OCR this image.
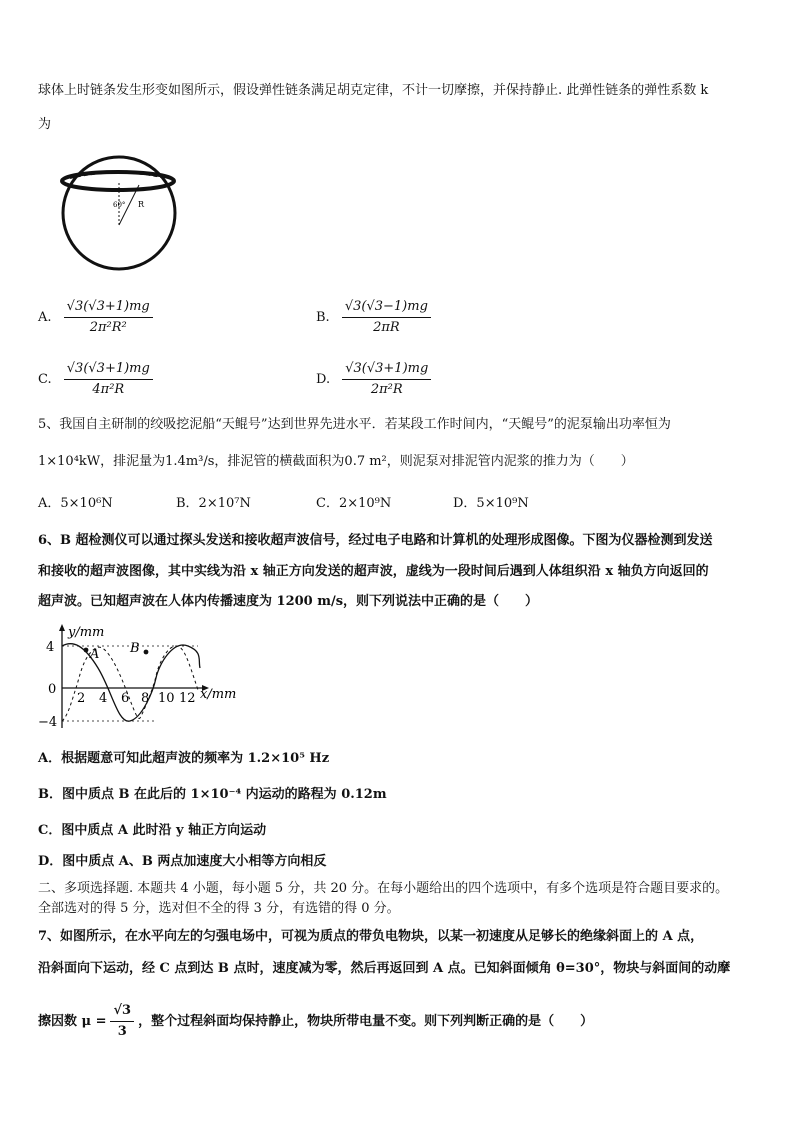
球体上时链条发生形变如图所示，假设弹性链条满足胡克定律，不计一切摩擦，并保持静止. 此弹性链条的弹性系数 k
为
60° R
A. $\frac{√3(√3+1)mg}{\text{2π²R²}}$	B. $\frac{√3(√3-1)mg}{2\pi R}$
C. $\frac{√3(√3+1)mg}{\text{4π²R}}$	D. $\frac{√3(√3+1)mg}{\text{2π²R}}$
5、我国自主研制的绞吸挖泥船“天鲲号”达到世界先进水平．若某段工作时间内，“天鲲号”的泥泵输出功率恒为
1×10⁴kW，排泥量为1.4m³/s，排泥管的横截面积为0.7 m²，则泥泵对排泥管内泥浆的推力为（　　）
A．5×10⁶N	B．2×10⁷N	C．2×10⁹N	D．5×10⁹N
6、B 超检测仪可以通过探头发送和接收超声波信号，经过电子电路和计算机的处理形成图像。下图为仪器检测到发送
和接收的超声波图像，其中实线为沿 x 轴正方向发送的超声波，虚线为一段时间后遇到人体组织沿 x 轴负方向返回的
超声波。已知超声波在人体内传播速度为 1200 m/s，则下列说法中正确的是（　　）
y/mm
x/mm
4
0
−4
2 4 6 8 10 12
A B
A．根据题意可知此超声波的频率为 1.2×10⁵ Hz
B．图中质点 B 在此后的 1×10⁻⁴ 内运动的路程为 0.12m
C．图中质点 A 此时沿 y 轴正方向运动
D．图中质点 A、B 两点加速度大小相等方向相反
二、多项选择题. 本题共 4 小题，每小题 5 分，共 20 分。在每小题给出的四个选项中，有多个选项是符合题目要求的。
全部选对的得 5 分，选对但不全的得 3 分，有选错的得 0 分。
7、如图所示，在水平向左的匀强电场中，可视为质点的带负电物块，以某一初速度从足够长的绝缘斜面上的 A 点，
沿斜面向下运动，经 C 点到达 B 点时，速度减为零，然后再返回到 A 点。已知斜面倾角 θ=30°，物块与斜面间的动摩
擦因数 $\mu = \frac{√3}{3}$ ，整个过程斜面均保持静止，物块所带电量不变。则下列判断正确的是（　　）
